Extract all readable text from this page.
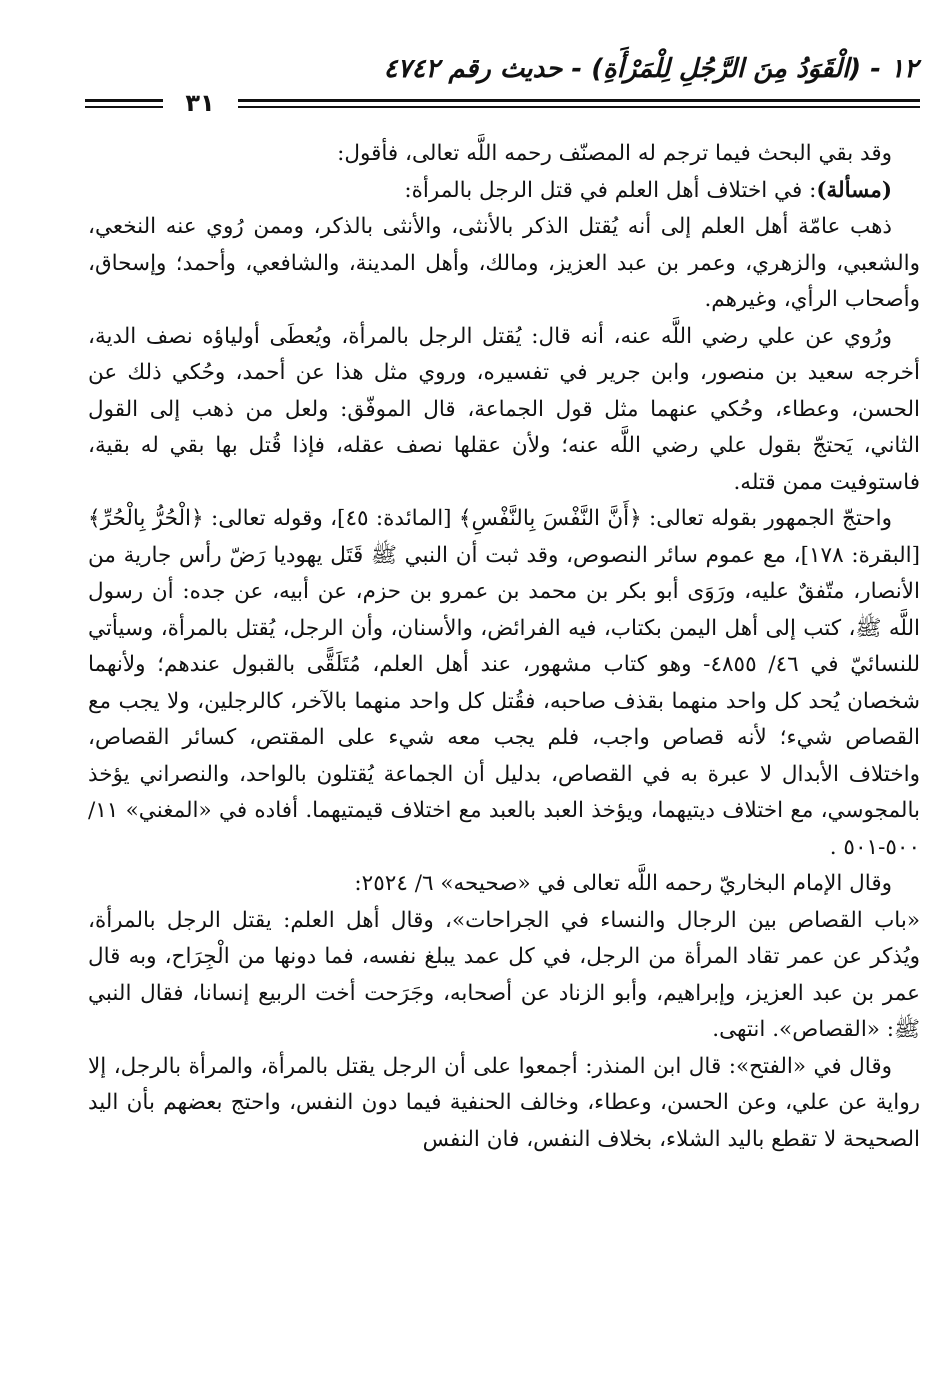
١٢ - (الْقَوَدُ مِنَ الرَّجُلِ لِلْمَرْأَةِ) - حديث رقم ٤٧٤٢
٣١

وقد بقي البحث فيما ترجم له المصنّف رحمه اللَّه تعالى، فأقول:

(مسألة): في اختلاف أهل العلم في قتل الرجل بالمرأة:

ذهب عامّة أهل العلم إلى أنه يُقتل الذكر بالأنثى، والأنثى بالذكر، وممن رُوي عنه النخعي، والشعبي، والزهري، وعمر بن عبد العزيز، ومالك، وأهل المدينة، والشافعي، وأحمد؛ وإسحاق، وأصحاب الرأي، وغيرهم.

ورُوي عن علي رضي اللَّه عنه، أنه قال: يُقتل الرجل بالمرأة، ويُعطَى أولياؤه نصف الدية، أخرجه سعيد بن منصور، وابن جرير في تفسيره، وروي مثل هذا عن أحمد، وحُكي ذلك عن الحسن، وعطاء، وحُكي عنهما مثل قول الجماعة، قال الموفّق: ولعل من ذهب إلى القول الثاني، يَحتجّ بقول علي رضي اللَّه عنه؛ ولأن عقلها نصف عقله، فإذا قُتل بها بقي له بقية، فاستوفيت ممن قتله.

واحتجّ الجمهور بقوله تعالى: ﴿أَنَّ النَّفْسَ بِالنَّفْسِ﴾ [المائدة: ٤٥]، وقوله تعالى: ﴿الْحُرُّ بِالْحُرِّ﴾ [البقرة: ١٧٨]، مع عموم سائر النصوص، وقد ثبت أن النبي ﷺ قَتَل يهوديا رَضّ رأس جارية من الأنصار، متّفقٌ عليه، ورَوَى أبو بكر بن محمد بن عمرو بن حزم، عن أبيه، عن جده: أن رسول اللَّه ﷺ، كتب إلى أهل اليمن بكتاب، فيه الفرائض، والأسنان، وأن الرجل، يُقتل بالمرأة، وسيأتي للنسائيّ في ٤٦/ ٤٨٥٥- وهو كتاب مشهور، عند أهل العلم، مُتَلَقًّى بالقبول عندهم؛ ولأنهما شخصان يُحد كل واحد منهما بقذف صاحبه، فقُتل كل واحد منهما بالآخر، كالرجلين، ولا يجب مع القصاص شيء؛ لأنه قصاص واجب، فلم يجب معه شيء على المقتص، كسائر القصاص، واختلاف الأبدال لا عبرة به في القصاص، بدليل أن الجماعة يُقتلون بالواحد، والنصراني يؤخذ بالمجوسي، مع اختلاف ديتيهما، ويؤخذ العبد بالعبد مع اختلاف قيمتيهما. أفاده في «المغني» ١١/ ٥٠٠-٥٠١ .

وقال الإمام البخاريّ رحمه اللَّه تعالى في «صحيحه» ٦/ ٢٥٢٤:

«باب القصاص بين الرجال والنساء في الجراحات»، وقال أهل العلم: يقتل الرجل بالمرأة، ويُذكر عن عمر تقاد المرأة من الرجل، في كل عمد يبلغ نفسه، فما دونها من الْجِرَاح، وبه قال عمر بن عبد العزيز، وإبراهيم، وأبو الزناد عن أصحابه، وجَرَحت أخت الربيع إنسانا، فقال النبي ﷺ: «القصاص». انتهى.

وقال في «الفتح»: قال ابن المنذر: أجمعوا على أن الرجل يقتل بالمرأة، والمرأة بالرجل، إلا رواية عن علي، وعن الحسن، وعطاء، وخالف الحنفية فيما دون النفس، واحتج بعضهم بأن اليد الصحيحة لا تقطع باليد الشلاء، بخلاف النفس، فان النفس
